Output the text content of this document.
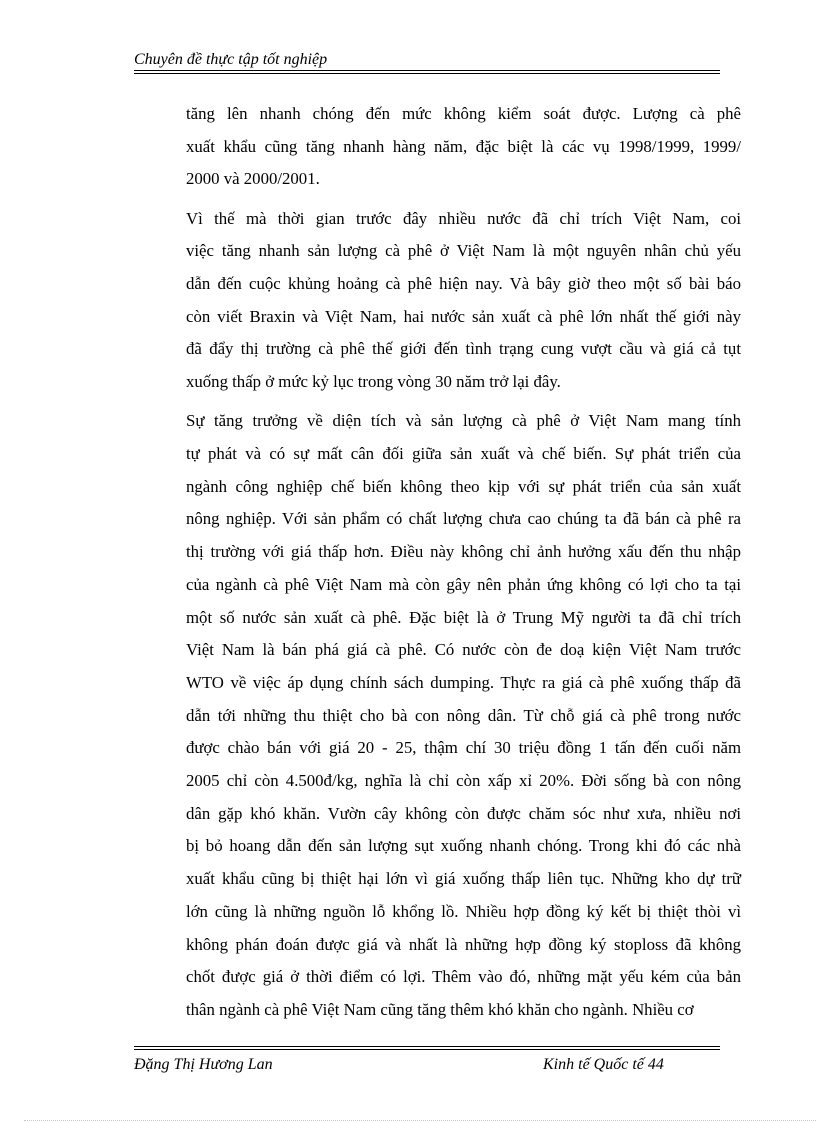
Chuyên đề thực tập tốt nghiệp

tăng lên nhanh chóng đến mức không kiểm soát được. Lượng cà phê
xuất khẩu cũng tăng nhanh hàng năm, đặc biệt là các vụ 1998/1999, 1999/
2000 và 2000/2001.

Vì thế mà thời gian trước đây nhiều nước đã chỉ trích Việt Nam, coi
việc tăng nhanh sản lượng cà phê ở Việt Nam là một nguyên nhân chủ yếu
dẫn đến cuộc khủng hoảng cà phê hiện nay. Và bây giờ theo một số bài báo
còn viết Braxin và Việt Nam, hai nước sản xuất cà phê lớn nhất thế giới này
đã đẩy thị trường cà phê thế giới đến tình trạng cung vượt cầu và giá cả tụt
xuống thấp ở mức kỷ lục trong vòng 30 năm trở lại đây.

Sự tăng trưởng về diện tích và sản lượng cà phê ở Việt Nam mang tính
tự phát và có sự mất cân đối giữa sản xuất và chế biến. Sự phát triển của
ngành công nghiệp chế biến không theo kịp với sự phát triển của sản xuất
nông nghiệp. Với sản phẩm có chất lượng chưa cao chúng ta đã bán cà phê ra
thị trường với giá thấp hơn. Điều này không chỉ ảnh hưởng xấu đến thu nhập
của ngành cà phê Việt Nam mà còn gây nên phản ứng không có lợi cho ta tại
một số nước sản xuất cà phê. Đặc biệt là ở Trung Mỹ người ta đã chỉ trích
Việt Nam là bán phá giá cà phê. Có nước còn đe doạ kiện Việt Nam trước
WTO về việc áp dụng chính sách dumping. Thực ra giá cà phê xuống thấp đã
dẫn tới những thu thiệt cho bà con nông dân. Từ chỗ giá cà phê trong nước
được chào bán với giá 20 - 25, thậm chí 30 triệu đồng 1 tấn đến cuối năm
2005 chỉ còn 4.500đ/kg, nghĩa là chỉ còn xấp xỉ 20%. Đời sống bà con nông
dân gặp khó khăn. Vườn cây không còn được chăm sóc như xưa, nhiều nơi
bị bỏ hoang dẫn đến sản lượng sụt xuống nhanh chóng. Trong khi đó các nhà
xuất khẩu cũng bị thiệt hại lớn vì giá xuống thấp liên tục. Những kho dự trữ
lớn cũng là những nguồn lỗ khổng lồ. Nhiều hợp đồng ký kết bị thiệt thòi vì
không phán đoán được giá và nhất là những hợp đồng ký stoploss đã không
chốt được giá ở thời điểm có lợi. Thêm vào đó, những mặt yếu kém của bản
thân ngành cà phê Việt Nam cũng tăng thêm khó khăn cho ngành. Nhiều cơ

Đặng Thị Hương Lan	Kinh tế Quốc tế 44
